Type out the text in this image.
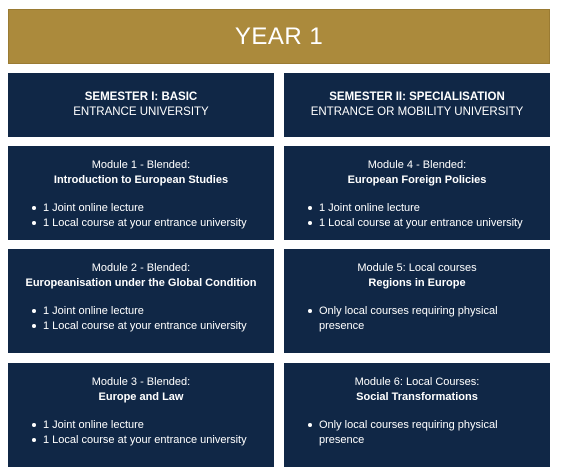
YEAR 1
SEMESTER I: BASIC
ENTRANCE UNIVERSITY
SEMESTER II: SPECIALISATION
ENTRANCE OR MOBILITY UNIVERSITY
Module 1 - Blended:
Introduction to European Studies
1 Joint online lecture
1 Local course at your entrance university
Module 4 - Blended:
European Foreign Policies
1 Joint online lecture
1 Local course at your entrance university
Module 2 - Blended:
Europeanisation under the Global Condition
1 Joint online lecture
1 Local course at your entrance university
Module 5: Local courses
Regions in Europe
Only local courses requiring physical presence
Module 3 - Blended:
Europe and Law
1 Joint online lecture
1 Local course at your entrance university
Module 6: Local Courses:
Social Transformations
Only local courses requiring physical presence
